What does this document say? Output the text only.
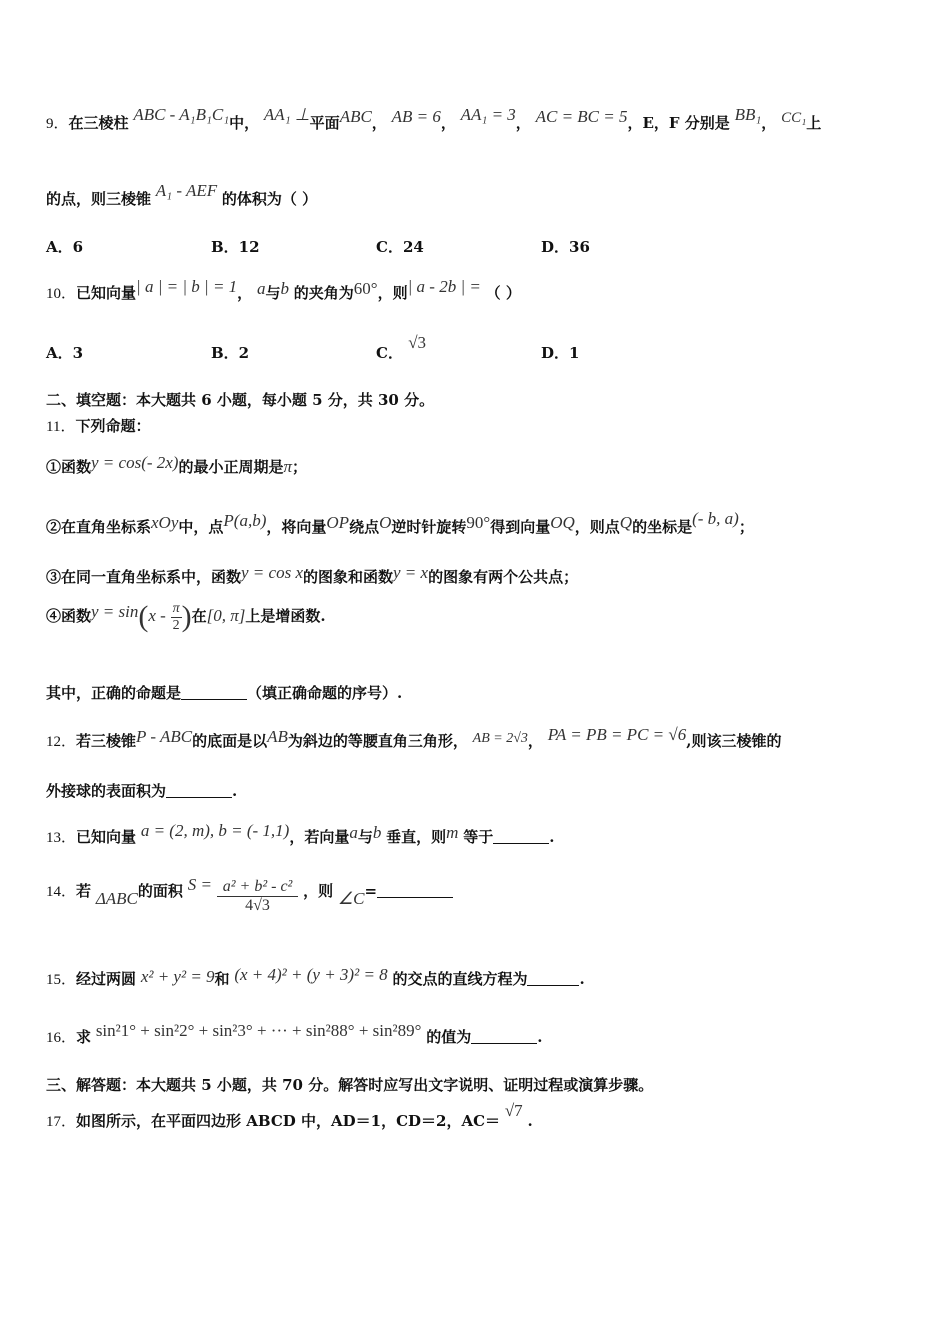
9．在三棱柱 ABC - A₁B₁C₁中， AA₁ ⊥平面ABC， AB = 6， AA₁ = 3， AC = BC = 5，E，F 分别是 BB₁， CC₁上
的点，则三棱锥 A₁ - AEF 的体积为（ ）
A．6	B．12	C．24	D．36
10．已知向量| a | = | b | = 1， a与b 的夹角为60°，则| a - 2b | = （ ）
A．3	B．2	C． √3
D．1
二、填空题：本大题共 6 小题，每小题 5 分，共 30 分。
11．下列命题：
①函数y = cos(- 2x)的最小正周期是π；
②在直角坐标系xOy中，点P(a,b)，将向量OP绕点O逆时针旋转90°得到向量OQ，则点Q的坐标是(- b, a)；
③在同一直角坐标系中，函数y = cos x的图象和函数y = x的图象有两个公共点；
④函数$y = \sin(x - \frac{\pi}{2}$ )在[0, π]上是增函数.
其中，正确的命题是	（填正确命题的序号）.
12．若三棱锥P - ABC的底面是以AB为斜边的等腰直角三角形， AB = 2√3， PA = PB = PC = √6,则该三棱锥的
外接球的表面积为	.
13．已知向量 a = (2, m), b = (- 1,1)，若向量a与b 垂直，则m 等于	.
14．若 ΔABC的面积 $S = \frac{\text{a² + b² - c²}}{4√3}$ ，则 ∠C=
15．经过两圆 x² + y² = 9和 (x + 4)² + (y + 3)² = 8 的交点的直线方程为	.
16．求 sin²1° + sin²2° + sin²3° + ··· + sin²88° + sin²89° 的值为	.
三、解答题：本大题共 5 小题，共 70 分。解答时应写出文字说明、证明过程或演算步骤。
17．如图所示，在平面四边形 ABCD 中，AD＝1，CD＝2，AC＝ √7 .
